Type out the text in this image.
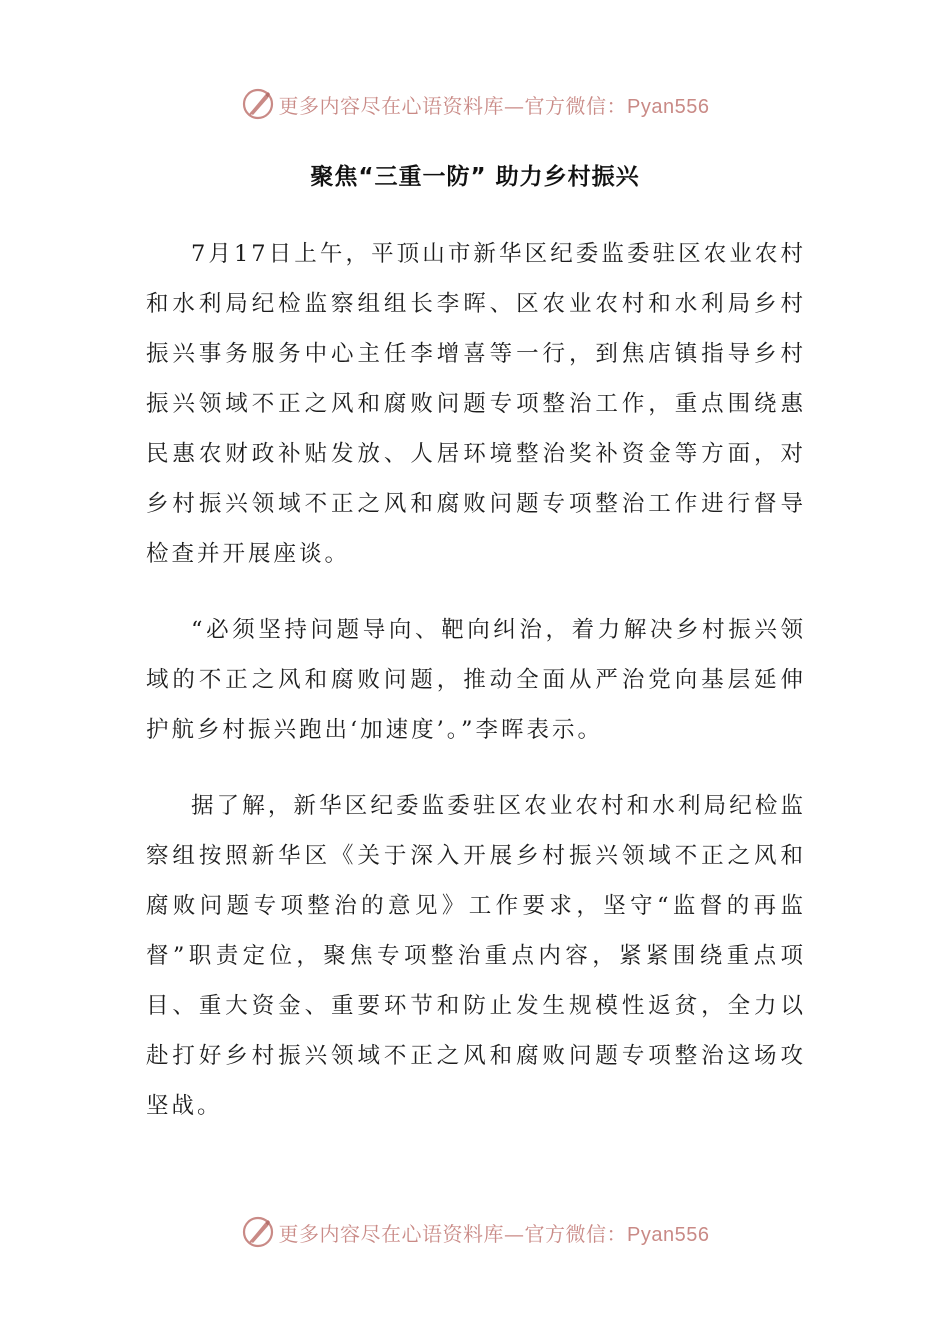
更多内容尽在心语资料库—官方微信：Pyan556
聚焦“三重一防” 助力乡村振兴

7月17日上午，平顶山市新华区纪委监委驻区农业农村和水利局纪检监察组组长李晖、区农业农村和水利局乡村振兴事务服务中心主任李增喜等一行，到焦店镇指导乡村振兴领域不正之风和腐败问题专项整治工作，重点围绕惠民惠农财政补贴发放、人居环境整治奖补资金等方面，对乡村振兴领域不正之风和腐败问题专项整治工作进行督导检查并开展座谈。

“必须坚持问题导向、靶向纠治，着力解决乡村振兴领域的不正之风和腐败问题，推动全面从严治党向基层延伸护航乡村振兴跑出‘加速度’。”李晖表示。

据了解，新华区纪委监委驻区农业农村和水利局纪检监察组按照新华区《关于深入开展乡村振兴领域不正之风和腐败问题专项整治的意见》工作要求，坚守“监督的再监督”职责定位，聚焦专项整治重点内容，紧紧围绕重点项目、重大资金、重要环节和防止发生规模性返贫，全力以赴打好乡村振兴领域不正之风和腐败问题专项整治这场攻坚战。

更多内容尽在心语资料库—官方微信：Pyan556
